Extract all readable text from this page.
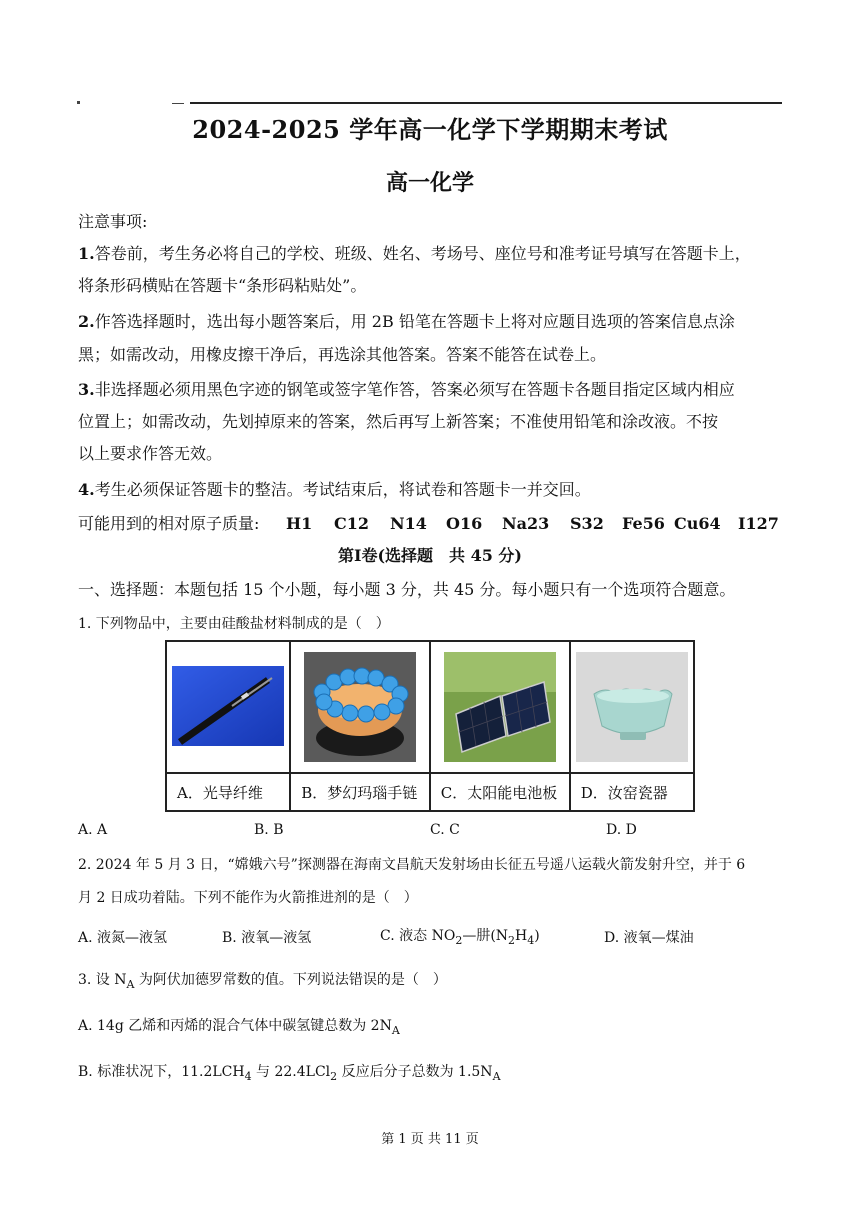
2024-2025 学年高一化学下学期期末考试
高一化学
注意事项:
1.答卷前，考生务必将自己的学校、班级、姓名、考场号、座位号和准考证号填写在答题卡上，
将条形码横贴在答题卡“条形码粘贴处”。
2.作答选择题时，选出每小题答案后，用 2B 铅笔在答题卡上将对应题目选项的答案信息点涂
黑；如需改动，用橡皮擦干净后，再选涂其他答案。答案不能答在试卷上。
3.非选择题必须用黑色字迹的钢笔或签字笔作答，答案必须写在答题卡各题目指定区域内相应
位置上；如需改动，先划掉原来的答案，然后再写上新答案；不准使用铅笔和涂改液。不按
以上要求作答无效。
4.考生必须保证答题卡的整洁。考试结束后，将试卷和答题卡一并交回。
可能用到的相对原子质量: H1 C12 N14 O16 Na23 S32 Fe56 Cu64 I127
第Ⅰ卷(选择题　共 45 分)
一、选择题：本题包括 15 个小题，每小题 3 分，共 45 分。每小题只有一个选项符合题意。
1. 下列物品中，主要由硅酸盐材料制成的是（　）

A．光导纤维	B．梦幻玛瑙手链	C．太阳能电池板	D．汝窑瓷器
A. A	B. B	C. C	D. D
2. 2024 年 5 月 3 日，“嫦娥六号”探测器在海南文昌航天发射场由长征五号遥八运载火箭发射升空，并于 6
月 2 日成功着陆。下列不能作为火箭推进剂的是（　）
A. 液氮—液氢	B. 液氧—液氢	C. 液态 $NO_2—$肼$(N_2H_4)$	D. 液氧—煤油
3. 设 $N_A$ 为阿伏加德罗常数的值。下列说法错误的是（　）
A. 14g 乙烯和丙烯的混合气体中碳氢键总数为 $2N_A$
B. 标准状况下，$11.2LCH_4$ 与 22.4LCl$_2$ 反应后分子总数为 $1.5N_A$
第 1 页 共 11 页
